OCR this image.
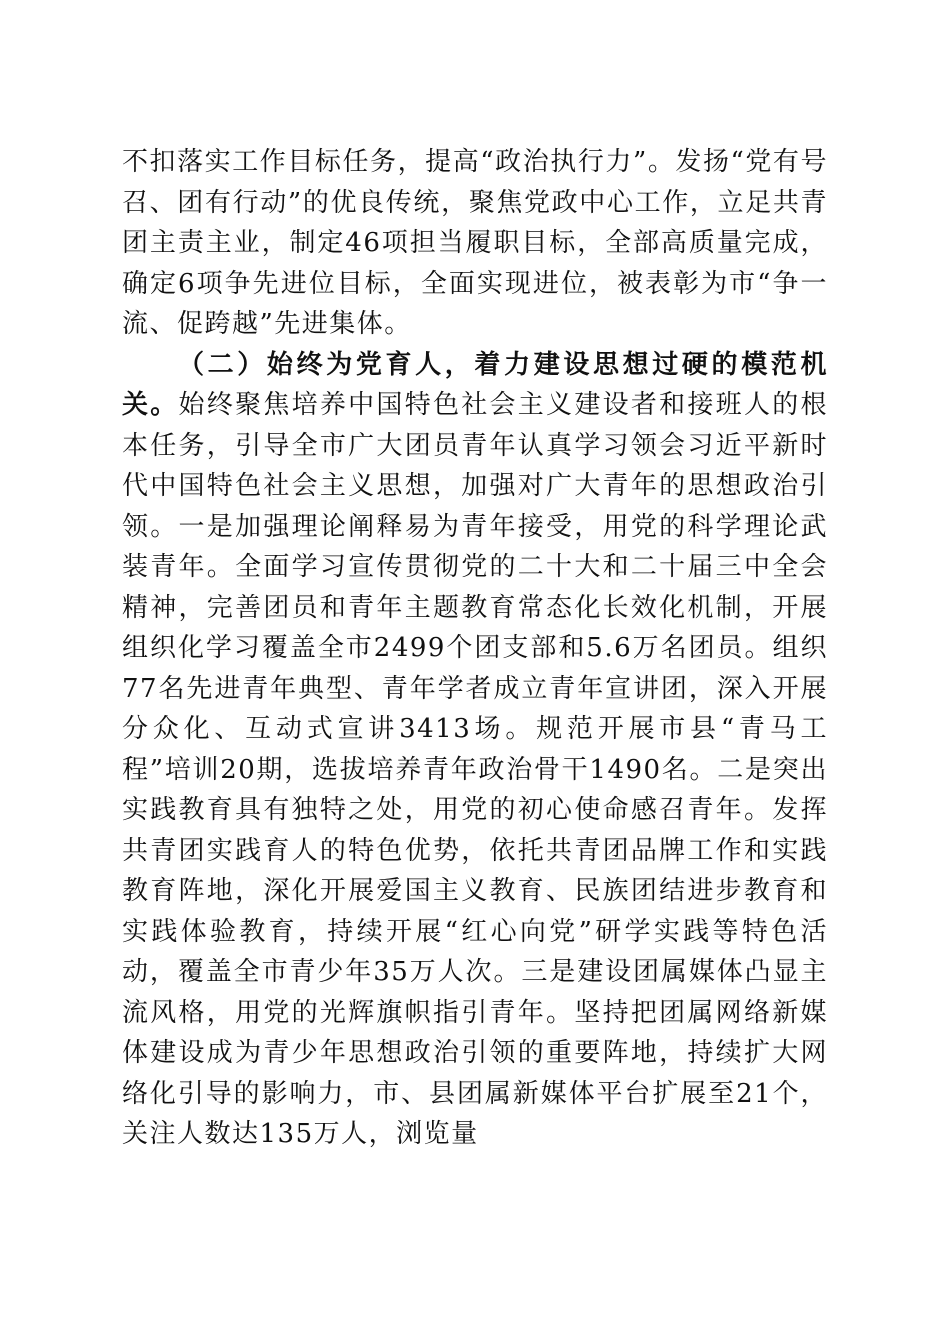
不扣落实工作目标任务，提高“政治执行力”。发扬“党有号召、团有行动”的优良传统，聚焦党政中心工作，立足共青团主责主业，制定46项担当履职目标，全部高质量完成，确定6项争先进位目标，全面实现进位，被表彰为市“争一流、促跨越”先进集体。

（二）始终为党育人，着力建设思想过硬的模范机关。始终聚焦培养中国特色社会主义建设者和接班人的根本任务，引导全市广大团员青年认真学习领会习近平新时代中国特色社会主义思想，加强对广大青年的思想政治引领。一是加强理论阐释易为青年接受，用党的科学理论武装青年。全面学习宣传贯彻党的二十大和二十届三中全会精神，完善团员和青年主题教育常态化长效化机制，开展组织化学习覆盖全市2499个团支部和5.6万名团员。组织77名先进青年典型、青年学者成立青年宣讲团，深入开展分众化、互动式宣讲3413场。规范开展市县“青马工程”培训20期，选拔培养青年政治骨干1490名。二是突出实践教育具有独特之处，用党的初心使命感召青年。发挥共青团实践育人的特色优势，依托共青团品牌工作和实践教育阵地，深化开展爱国主义教育、民族团结进步教育和实践体验教育，持续开展“红心向党”研学实践等特色活动，覆盖全市青少年35万人次。三是建设团属媒体凸显主流风格，用党的光辉旗帜指引青年。坚持把团属网络新媒体建设成为青少年思想政治引领的重要阵地，持续扩大网络化引导的影响力，市、县团属新媒体平台扩展至21个，关注人数达135万人，浏览量
